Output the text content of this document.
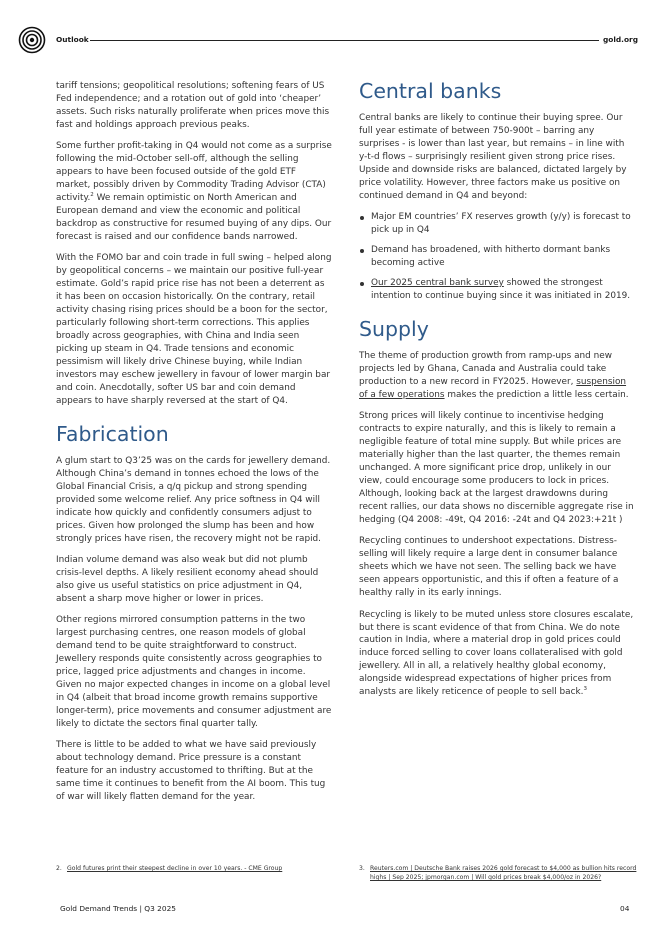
Outlook	gold.org

tariff tensions; geopolitical resolutions; softening fears of US Fed independence; and a rotation out of gold into ‘cheaper’ assets. Such risks naturally proliferate when prices move this fast and holdings approach previous peaks.

Some further profit-taking in Q4 would not come as a surprise following the mid-October sell-off, although the selling appears to have been focused outside of the gold ETF market, possibly driven by Commodity Trading Advisor (CTA) activity.$^2$ We remain optimistic on North American and European demand and view the economic and political backdrop as constructive for resumed buying of any dips. Our forecast is raised and our confidence bands narrowed.

With the FOMO bar and coin trade in full swing – helped along by geopolitical concerns – we maintain our positive full-year estimate. Gold’s rapid price rise has not been a deterrent as it has been on occasion historically. On the contrary, retail activity chasing rising prices should be a boon for the sector, particularly following short-term corrections. This applies broadly across geographies, with China and India seen picking up steam in Q4. Trade tensions and economic pessimism will likely drive Chinese buying, while Indian investors may eschew jewellery in favour of lower margin bar and coin. Anecdotally, softer US bar and coin demand appears to have sharply reversed at the start of Q4.

Fabrication

A glum start to Q3’25 was on the cards for jewellery demand. Although China’s demand in tonnes echoed the lows of the Global Financial Crisis, a q/q pickup and strong spending provided some welcome relief. Any price softness in Q4 will indicate how quickly and confidently consumers adjust to prices. Given how prolonged the slump has been and how strongly prices have risen, the recovery might not be rapid.

Indian volume demand was also weak but did not plumb crisis-level depths. A likely resilient economy ahead should also give us useful statistics on price adjustment in Q4, absent a sharp move higher or lower in prices.

Other regions mirrored consumption patterns in the two largest purchasing centres, one reason models of global demand tend to be quite straightforward to construct. Jewellery responds quite consistently across geographies to price, lagged price adjustments and changes in income. Given no major expected changes in income on a global level in Q4 (albeit that broad income growth remains supportive longer-term), price movements and consumer adjustment are likely to dictate the sectors final quarter tally.

There is little to be added to what we have said previously about technology demand. Price pressure is a constant feature for an industry accustomed to thrifting. But at the same time it continues to benefit from the AI boom. This tug of war will likely flatten demand for the year.

Central banks

Central banks are likely to continue their buying spree. Our full year estimate of between 750-900t – barring any surprises - is lower than last year, but remains – in line with y-t-d flows – surprisingly resilient given strong price rises. Upside and downside risks are balanced, dictated largely by price volatility. However, three factors make us positive on continued demand in Q4 and beyond:

Major EM countries’ FX reserves growth (y/y) is forecast to pick up in Q4
Demand has broadened, with hitherto dormant banks becoming active
Our 2025 central bank survey showed the strongest intention to continue buying since it was initiated in 2019.
Supply

The theme of production growth from ramp-ups and new projects led by Ghana, Canada and Australia could take production to a new record in FY2025. However, suspension of a few operations makes the prediction a little less certain.

Strong prices will likely continue to incentivise hedging contracts to expire naturally, and this is likely to remain a negligible feature of total mine supply. But while prices are materially higher than the last quarter, the themes remain unchanged. A more significant price drop, unlikely in our view, could encourage some producers to lock in prices. Although, looking back at the largest drawdowns during recent rallies, our data shows no discernible aggregate rise in hedging (Q4 2008: -49t, Q4 2016: -24t and Q4 2023:+21t )

Recycling continues to undershoot expectations. Distress-selling will likely require a large dent in consumer balance sheets which we have not seen. The selling back we have seen appears opportunistic, and this if often a feature of a healthy rally in its early innings.

Recycling is likely to be muted unless store closures escalate, but there is scant evidence of that from China. We do note caution in India, where a material drop in gold prices could induce forced selling to cover loans collateralised with gold jewellery. All in all, a relatively healthy global economy, alongside widespread expectations of higher prices from analysts are likely reticence of people to sell back.$^3$

2. Gold futures print their steepest decline in over 10 years. - CME Group	3. Reuters.com | Deutsche Bank raises 2026 gold forecast to $4,000 as bullion hits record highs | Sep 2025; jpmorgan.com | Will gold prices break $4,000/oz in 2026?
Gold Demand Trends | Q3 2025	04
